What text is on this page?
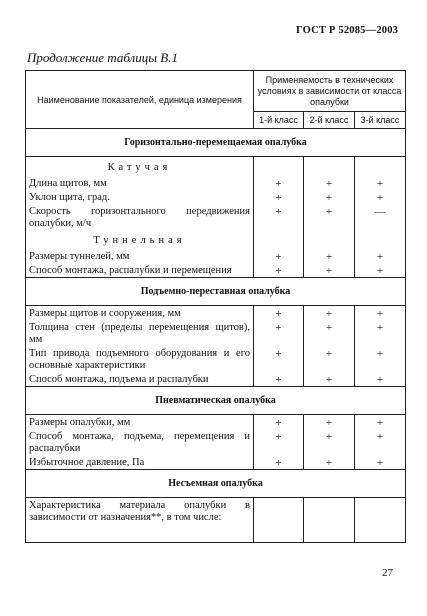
ГОСТ Р 52085—2003
Продолжение таблицы В.1
Наименование показателей, единица измерения	Применяемость в технических условиях в зависимости от класса опалубки		
	1-й класс	2-й класс	3-й класс
Горизонтально-перемещаемая опалубка			
Катучая			
Длина щитов, мм	+	+	+
Уклон щита, град.	+	+	+
Скорость горизонтального передвижения опалубки, м/ч	+	+	—
Туннельная			
Размеры туннелей, мм	+	+	+
Способ монтажа, распалубки и перемещения	+	+	+
Подъемно-переставная опалубка			
Размеры щитов и сооружения, мм	+	+	+
Толщина стен (пределы перемещения щитов), мм	+	+	+
Тип привода подъемного оборудования и его основные характеристики	+	+	+
Способ монтажа, подъема и распалубки	+	+	+
Пневматическая опалубка			
Размеры опалубки, мм	+	+	+
Способ монтажа, подъема, перемещения и распалубки	+	+	+
Избыточное давление, Па	+	+	+
Несъемная опалубка			
Характеристика материала опалубки в зависимости от назначения**, в том числе:			

27
